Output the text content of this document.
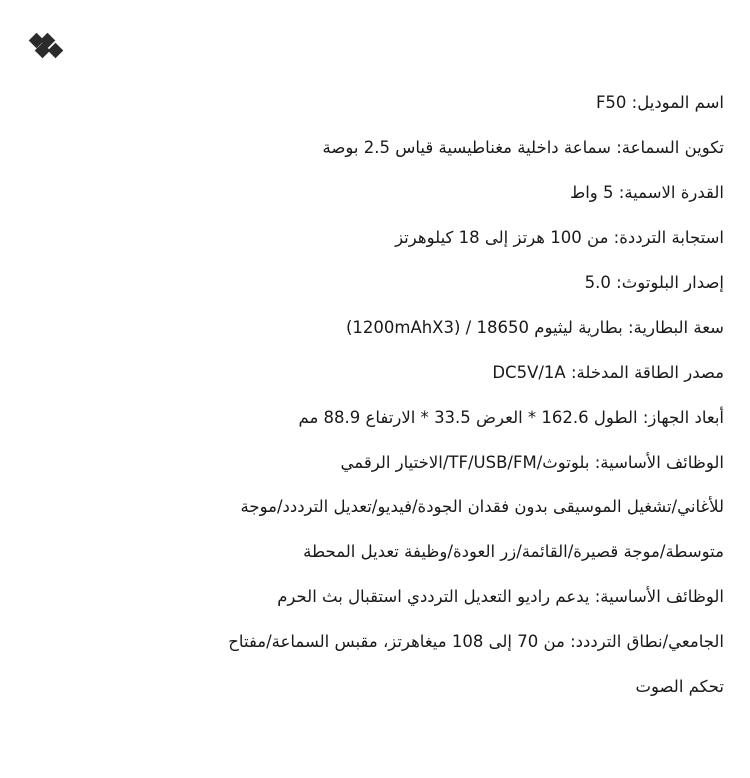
اسم الموديل: F50

تكوين السماعة: سماعة داخلية مغناطيسية قياس 2.5 بوصة

القدرة الاسمية: 5 واط

استجابة الترددة: من 100 هرتز إلى 18 كيلوهرتز

إصدار البلوتوث: 5.0

سعة البطارية: بطارية ليثيوم 18650 / (1200mAhX3)

مصدر الطاقة المدخلة: DC5V/1A

أبعاد الجهاز: الطول 162.6 * العرض 33.5 * الارتفاع 88.9 مم

الوظائف الأساسية: بلوتوث/TF/USB/FM/الاختيار الرقمي

للأغاني/تشغيل الموسيقى بدون فقدان الجودة/فيديو/تعديل الترددد/موجة

متوسطة/موجة قصيرة/القائمة/زر العودة/وظيفة تعديل المحطة

الوظائف الأساسية: يدعم راديو التعديل الترددي استقبال بث الحرم

الجامعي/نطاق الترددد: من 70 إلى 108 ميغاهرتز، مقبس السماعة/مفتاح

تحكم الصوت
